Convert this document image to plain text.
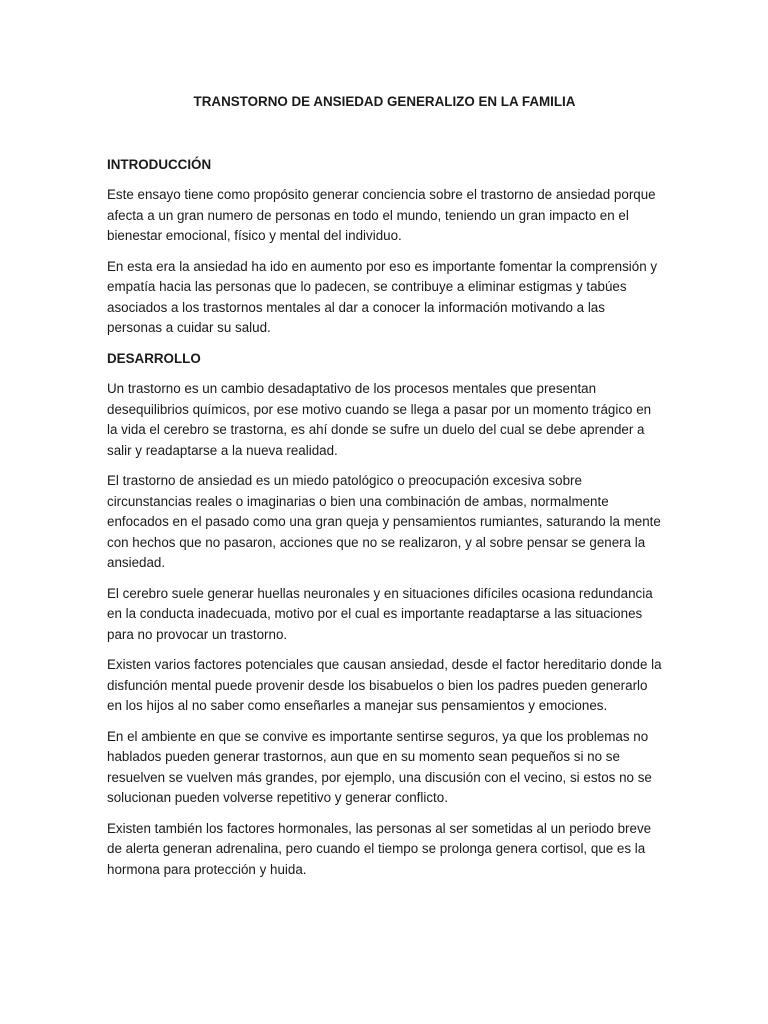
TRANSTORNO DE ANSIEDAD GENERALIZO EN LA FAMILIA
INTRODUCCIÓN

Este ensayo tiene como propósito generar conciencia sobre el trastorno de ansiedad porque afecta a un gran numero de personas en todo el mundo, teniendo un gran impacto en el bienestar emocional, físico y mental del individuo.

En esta era la ansiedad ha ido en aumento por eso es importante fomentar la comprensión y empatía hacia las personas que lo padecen, se contribuye a eliminar estigmas y tabúes asociados a los trastornos mentales al dar a conocer la información motivando a las personas a cuidar su salud.

DESARROLLO

Un trastorno es un cambio desadaptativo de los procesos mentales que presentan desequilibrios químicos, por ese motivo cuando se llega a pasar por un momento trágico en la vida el cerebro se trastorna, es ahí donde se sufre un duelo del cual se debe aprender a salir y readaptarse a la nueva realidad.

El trastorno de ansiedad es un miedo patológico o preocupación excesiva sobre circunstancias reales o imaginarias o bien una combinación de ambas, normalmente enfocados en el pasado como una gran queja y pensamientos rumiantes, saturando la mente con hechos que no pasaron, acciones que no se realizaron, y al sobre pensar se genera la ansiedad.

El cerebro suele generar huellas neuronales y en situaciones difíciles ocasiona redundancia en la conducta inadecuada, motivo por el cual es importante readaptarse a las situaciones para no provocar un trastorno.

Existen varios factores potenciales que causan ansiedad, desde el factor hereditario donde la disfunción mental puede provenir desde los bisabuelos o bien los padres pueden generarlo en los hijos al no saber como enseñarles a manejar sus pensamientos y emociones.

En el ambiente en que se convive es importante sentirse seguros, ya que los problemas no hablados pueden generar trastornos, aun que en su momento sean pequeños si no se resuelven se vuelven más grandes, por ejemplo, una discusión con el vecino, si estos no se solucionan pueden volverse repetitivo y generar conflicto.

Existen también los factores hormonales, las personas al ser sometidas al un periodo breve de alerta generan adrenalina, pero cuando el tiempo se prolonga genera cortisol, que es la hormona para protección y huida.
